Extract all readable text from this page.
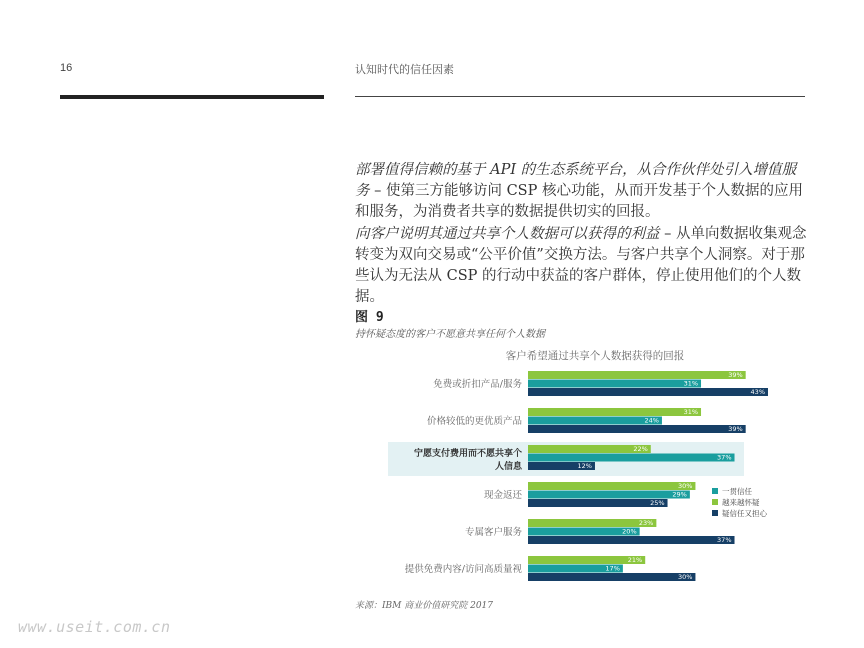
16	认知时代的信任因素
部署值得信赖的基于 API 的生态系统平台，从合作伙伴处引入增值服务 – 使第三方能够访问 CSP 核心功能，从而开发基于个人数据的应用和服务，为消费者共享的数据提供切实的回报。
向客户说明其通过共享个人数据可以获得的利益 – 从单向数据收集观念转变为双向交易或“公平价值”交换方法。与客户共享个人洞察。对于那些认为无法从 CSP 的行动中获益的客户群体，停止使用他们的个人数据。
图 9
持怀疑态度的客户不愿意共享任何个人数据
客户希望通过共享个人数据获得的回报
免费或折扣产品/服务
39%
31%
43%
价格较低的更优质产品
31%
24%
39%
宁愿支付费用而不愿共享个
人信息
22%
37%
12%
现金返还
30%
29%
25%
专属客户服务
23%
20%
37%
提供免费内容/访问高质量视
21%
17%
30%
一贯信任
越来越怀疑
疑信任又担心
来源：IBM 商业价值研究院 2017
www.useit.com.cn
